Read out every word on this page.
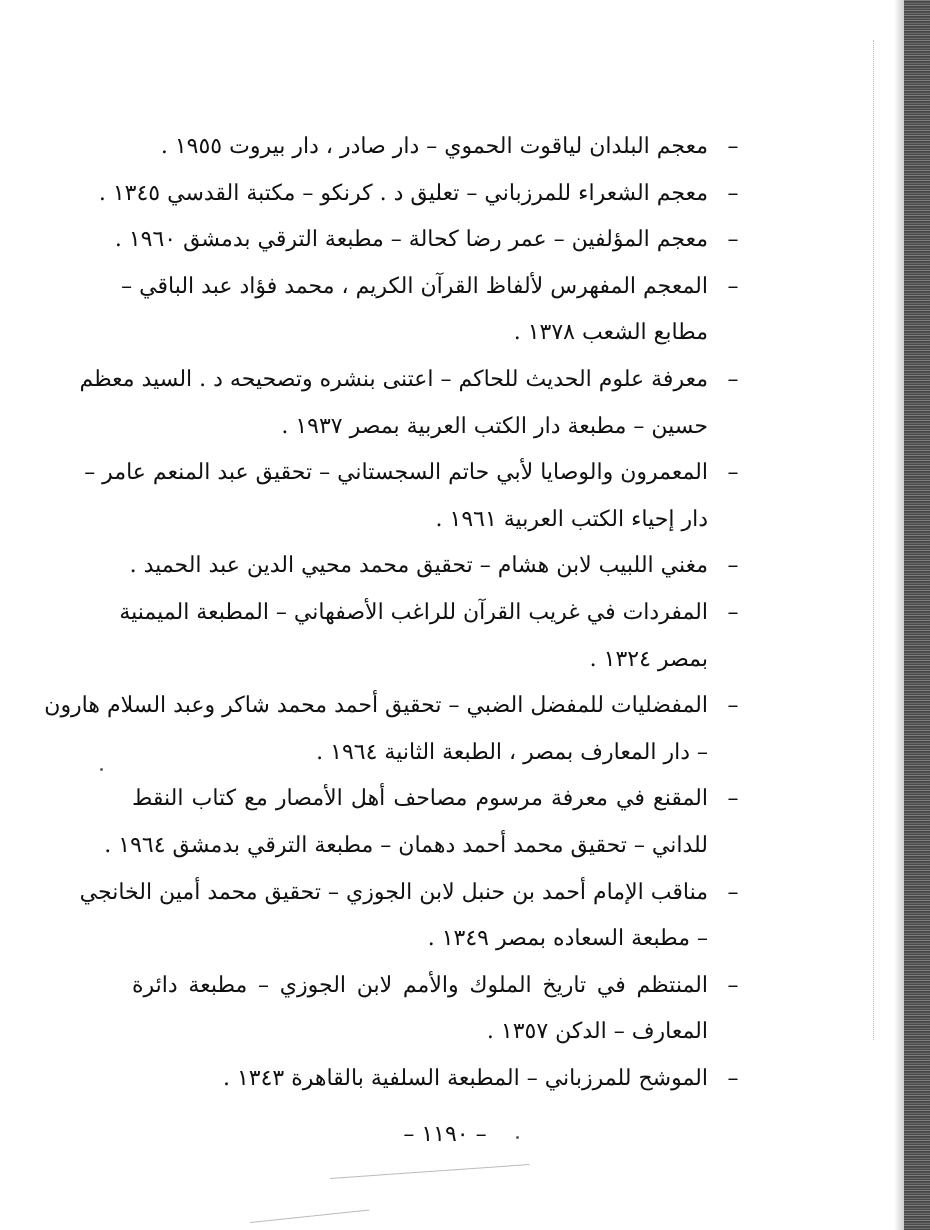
–
معجم البلدان لياقوت الحموي – دار صادر ، دار بيروت ١٩٥٥ .
–
معجم الشعراء للمرزباني – تعليق د . كرنكو – مكتبة القدسي ١٣٤٥ .
–
معجم المؤلفين – عمر رضا كحالة – مطبعة الترقي بدمشق ١٩٦٠ .
–
المعجم المفهرس لألفاظ القرآن الكريم ، محمد فؤاد عبد الباقي –
مطابع الشعب ١٣٧٨ .
–
معرفة علوم الحديث للحاكم – اعتنى بنشره وتصحيحه د . السيد معظم
حسين – مطبعة دار الكتب العربية بمصر ١٩٣٧ .
–
المعمرون والوصايا لأبي حاتم السجستاني – تحقيق عبد المنعم عامر –
دار إحياء الكتب العربية ١٩٦١ .
–
مغني اللبيب لابن هشام – تحقيق محمد محيي الدين عبد الحميد .
–
المفردات في غريب القرآن للراغب الأصفهاني – المطبعة الميمنية
بمصر ١٣٢٤ .
–
المفضليات للمفضل الضبي – تحقيق أحمد محمد شاكر وعبد السلام هارون
– دار المعارف بمصر ، الطبعة الثانية ١٩٦٤ .
–
المقنع في معرفة مرسوم مصاحف أهل الأمصار مع كتاب النقط
للداني – تحقيق محمد أحمد دهمان – مطبعة الترقي بدمشق ١٩٦٤ .
–
مناقب الإمام أحمد بن حنبل لابن الجوزي – تحقيق محمد أمين الخانجي
– مطبعة السعاده بمصر ١٣٤٩ .
–
المنتظم في تاريخ الملوك والأمم لابن الجوزي – مطبعة دائرة
المعارف – الدكن ١٣٥٧ .
–
الموشح للمرزباني – المطبعة السلفية بالقاهرة ١٣٤٣ .
– ١١٩٠ –
